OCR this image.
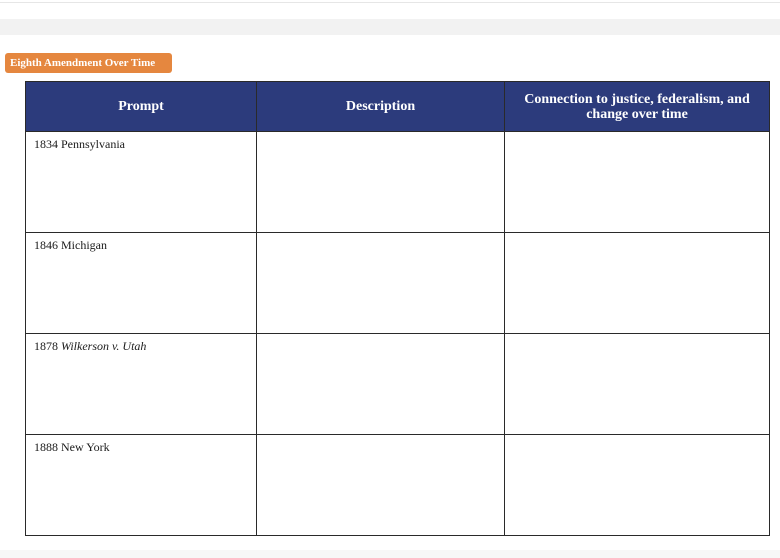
Eighth Amendment Over Time
Prompt	Description	Connection to justice, federalism, and change over time
1834 Pennsylvania		
1846 Michigan		
1878 Wilkerson v. Utah		
1888 New York		
